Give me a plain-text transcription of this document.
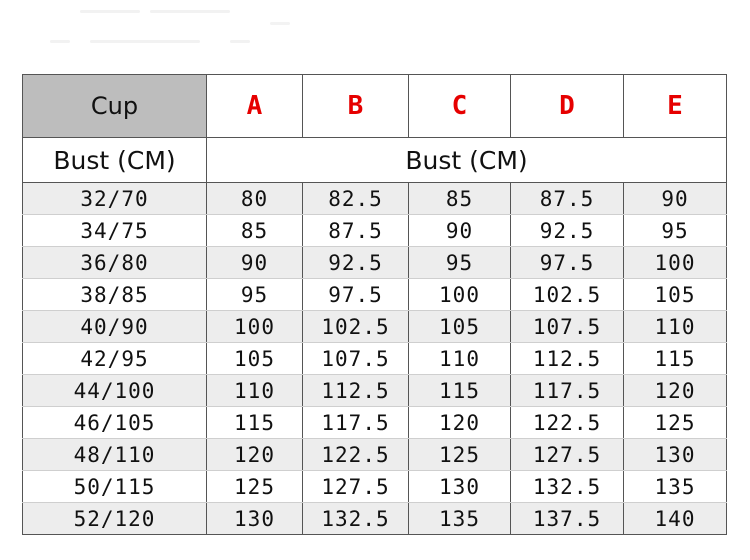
Cup	A	B	C	D	E
Bust (CM)	Bust (CM)				
32/70	80	82.5	85	87.5	90
34/75	85	87.5	90	92.5	95
36/80	90	92.5	95	97.5	100
38/85	95	97.5	100	102.5	105
40/90	100	102.5	105	107.5	110
42/95	105	107.5	110	112.5	115
44/100	110	112.5	115	117.5	120
46/105	115	117.5	120	122.5	125
48/110	120	122.5	125	127.5	130
50/115	125	127.5	130	132.5	135
52/120	130	132.5	135	137.5	140
